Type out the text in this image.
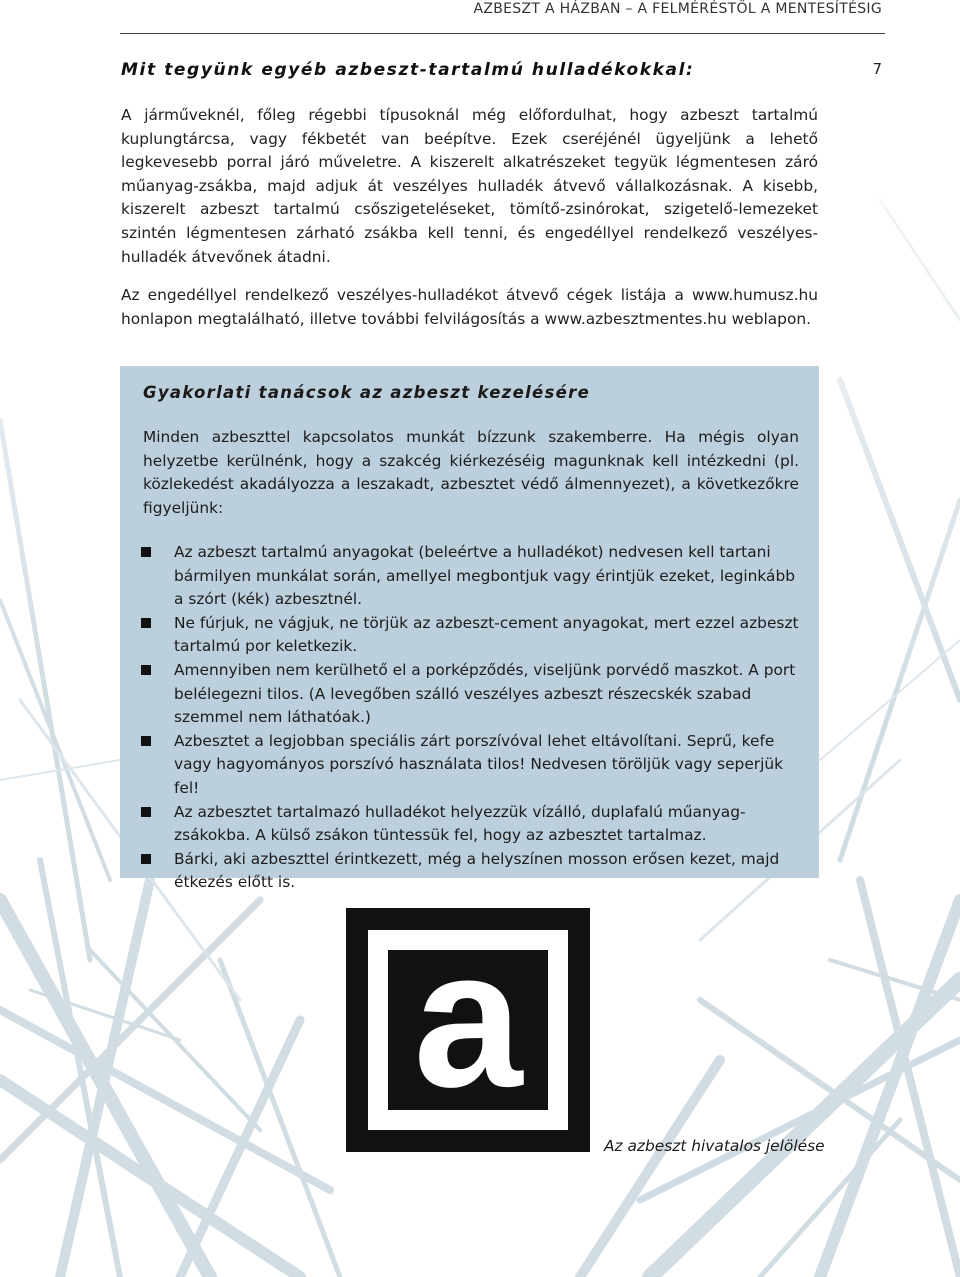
AZBESZT A HÁZBAN – A FELMÉRÉSTŐL A MENTESÍTÉSIG
7
Mit tegyünk egyéb azbeszt-tartalmú hulladékokkal:

A járműveknél, főleg régebbi típusoknál még előfordulhat, hogy azbeszt tartalmú kuplungtárcsa, vagy fékbetét van beépítve. Ezek cseréjénél ügyeljünk a lehető legkevesebb porral járó műveletre. A kiszerelt alkatrészeket tegyük légmentesen záró műanyag-zsákba, majd adjuk át veszélyes hulladék átvevő vállalkozásnak. A kisebb, kiszerelt azbeszt tartalmú csőszigeteléseket, tömítő-zsinórokat, szigetelő-lemezeket szintén légmentesen zárható zsákba kell tenni, és engedéllyel rendelkező veszélyes-hulladék átvevőnek átadni.

Az engedéllyel rendelkező veszélyes-hulladékot átvevő cégek listája a www.humusz.hu honlapon megtalálható, illetve további felvilágosítás a www.azbesztmentes.hu weblapon.

Gyakorlati tanácsok az azbeszt kezelésére

Minden azbeszttel kapcsolatos munkát bízzunk szakemberre. Ha mégis olyan helyzetbe kerülnénk, hogy a szakcég kiérkezéséig magunknak kell intézkedni (pl. közlekedést akadályozza a leszakadt, azbesztet védő álmennyezet), a következőkre figyeljünk:

Az azbeszt tartalmú anyagokat (beleértve a hulladékot) nedvesen kell tartani bármilyen munkálat során, amellyel megbontjuk vagy érintjük ezeket, leginkább a szórt (kék) azbesztnél.
Ne fúrjuk, ne vágjuk, ne törjük az azbeszt-cement anyagokat, mert ezzel azbeszt tartalmú por keletkezik.
Amennyiben nem kerülhető el a porképződés, viseljünk porvédő maszkot. A port belélegezni tilos. (A levegőben szálló veszélyes azbeszt részecskék szabad szemmel nem láthatóak.)
Azbesztet a legjobban speciális zárt porszívóval lehet eltávolítani. Seprű, kefe vagy hagyományos porszívó használata tilos! Nedvesen töröljük vagy seperjük fel!
Az azbesztet tartalmazó hulladékot helyezzük vízálló, duplafalú műanyag-zsákokba. A külső zsákon tüntessük fel, hogy az azbesztet tartalmaz.
Bárki, aki azbeszttel érintkezett, még a helyszínen mosson erősen kezet, majd étkezés előtt is.
a
Az azbeszt hivatalos jelölése
